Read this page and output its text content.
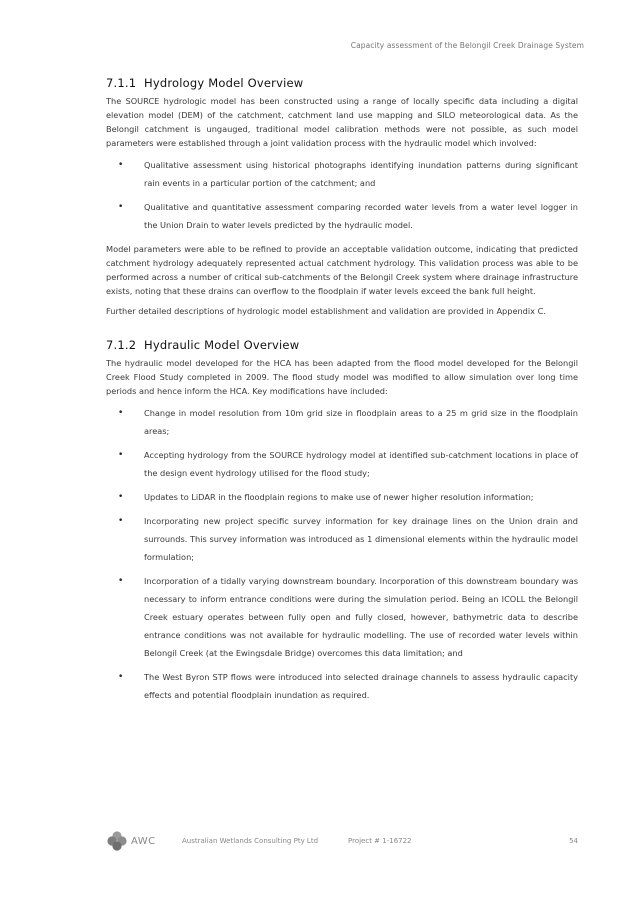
Capacity assessment of the Belongil Creek Drainage System
7.1.1 Hydrology Model Overview

The SOURCE hydrologic model has been constructed using a range of locally specific data including a digital elevation model (DEM) of the catchment, catchment land use mapping and SILO meteorological data. As the Belongil catchment is ungauged, traditional model calibration methods were not possible, as such model parameters were established through a joint validation process with the hydraulic model which involved:

•	Qualitative assessment using historical photographs identifying inundation patterns during significant rain events in a particular portion of the catchment; and
•	Qualitative and quantitative assessment comparing recorded water levels from a water level logger in the Union Drain to water levels predicted by the hydraulic model.

Model parameters were able to be refined to provide an acceptable validation outcome, indicating that predicted catchment hydrology adequately represented actual catchment hydrology. This validation process was able to be performed across a number of critical sub-catchments of the Belongil Creek system where drainage infrastructure exists, noting that these drains can overflow to the floodplain if water levels exceed the bank full height.

Further detailed descriptions of hydrologic model establishment and validation are provided in Appendix C.

7.1.2 Hydraulic Model Overview

The hydraulic model developed for the HCA has been adapted from the flood model developed for the Belongil Creek Flood Study completed in 2009. The flood study model was modified to allow simulation over long time periods and hence inform the HCA. Key modifications have included:

•	Change in model resolution from 10m grid size in floodplain areas to a 25 m grid size in the floodplain areas;
•	Accepting hydrology from the SOURCE hydrology model at identified sub-catchment locations in place of the design event hydrology utilised for the flood study;
•	Updates to LiDAR in the floodplain regions to make use of newer higher resolution information;
•	Incorporating new project specific survey information for key drainage lines on the Union drain and surrounds. This survey information was introduced as 1 dimensional elements within the hydraulic model formulation;
•	Incorporation of a tidally varying downstream boundary. Incorporation of this downstream boundary was necessary to inform entrance conditions were during the simulation period. Being an ICOLL the Belongil Creek estuary operates between fully open and fully closed, however, bathymetric data to describe entrance conditions was not available for hydraulic modelling. The use of recorded water levels within Belongil Creek (at the Ewingsdale Bridge) overcomes this data limitation; and
•	The West Byron STP flows were introduced into selected drainage channels to assess hydraulic capacity effects and potential floodplain inundation as required.
AWC	Australian Wetlands Consulting Pty Ltd	Project # 1-16722	54
